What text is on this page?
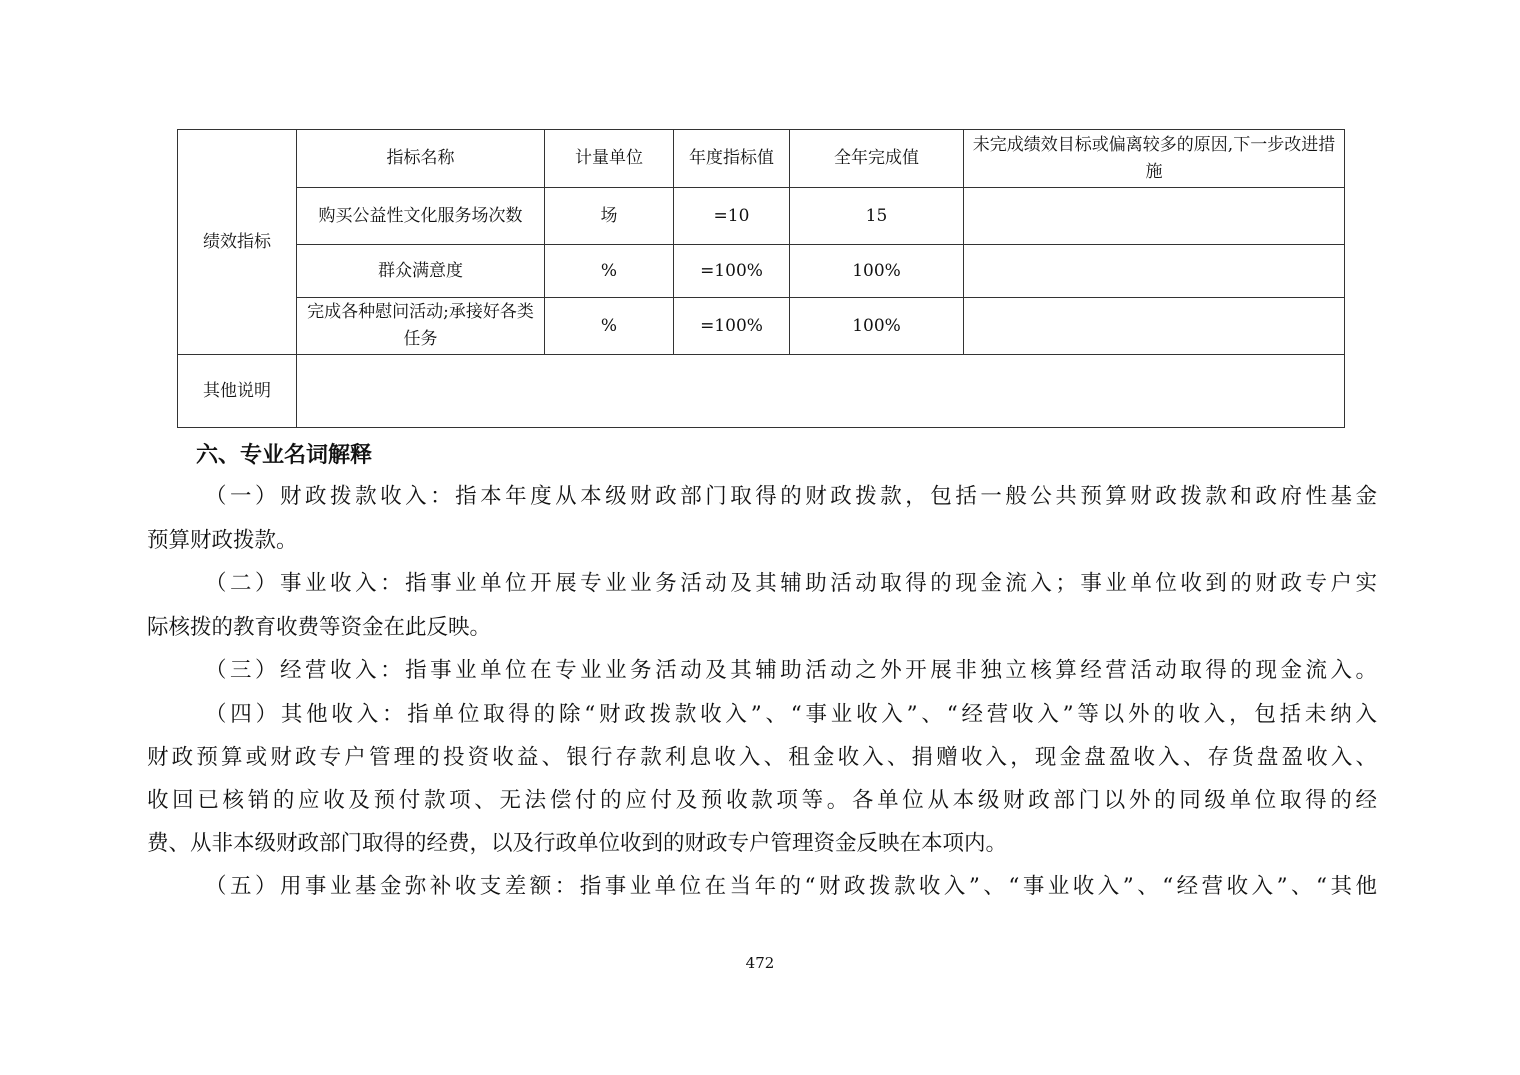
绩效指标	指标名称	计量单位	年度指标值	全年完成值	未完成绩效目标或偏离较多的原因,下一步改进措施
	购买公益性文化服务场次数	场	=10	15	
	群众满意度	%	=100%	100%	
	完成各种慰问活动;承接好各类任务	%	=100%	100%	
其他说明					
六、专业名词解释
（一）财政拨款收入：指本年度从本级财政部门取得的财政拨款，包括一般公共预算财政拨款和政府性基金
预算财政拨款。
（二）事业收入：指事业单位开展专业业务活动及其辅助活动取得的现金流入；事业单位收到的财政专户实
际核拨的教育收费等资金在此反映。
（三）经营收入：指事业单位在专业业务活动及其辅助活动之外开展非独立核算经营活动取得的现金流入。
（四）其他收入：指单位取得的除“财政拨款收入”、“事业收入”、“经营收入”等以外的收入，包括未纳入
财政预算或财政专户管理的投资收益、银行存款利息收入、租金收入、捐赠收入，现金盘盈收入、存货盘盈收入、
收回已核销的应收及预付款项、无法偿付的应付及预收款项等。各单位从本级财政部门以外的同级单位取得的经
费、从非本级财政部门取得的经费，以及行政单位收到的财政专户管理资金反映在本项内。
（五）用事业基金弥补收支差额：指事业单位在当年的“财政拨款收入”、“事业收入”、“经营收入”、“其他
472
